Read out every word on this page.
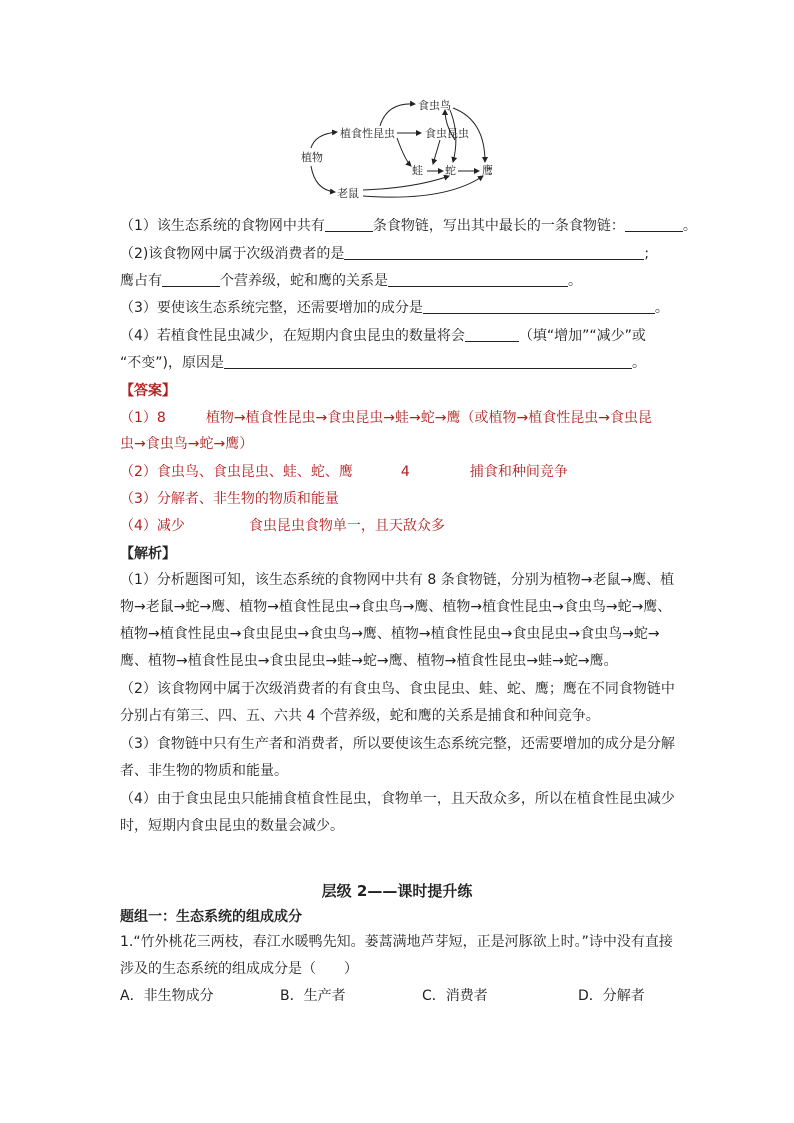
食虫鸟
植食性昆虫	食虫昆虫
植物
蛙 蛇 鹰
老鼠
（1）该生态系统的食物网中共有	条食物链，写出其中最长的一条食物链：	。
（2)该食物网中属于次级消费者的是	;
鹰占有	个营养级，蛇和鹰的关系是	。
（3）要使该生态系统完整，还需要增加的成分是	。
（4）若植食性昆虫减少，在短期内食虫昆虫的数量将会	（填“增加”“减少”或
“不变”)，原因是	。
【答案】
（1）8	植物→植食性昆虫→食虫昆虫→蛙→蛇→鹰（或植物→植食性昆虫→食虫昆
虫→食虫鸟→蛇→鹰）
（2）食虫鸟、食虫昆虫、蛙、蛇、鹰	4	捕食和种间竞争
（3）分解者、非生物的物质和能量
（4）减少	食虫昆虫食物单一，且天敌众多
【解析】
（1）分析题图可知，该生态系统的食物网中共有 8 条食物链，分别为植物→老鼠→鹰、植物→老鼠→蛇→鹰、植物→植食性昆虫→食虫鸟→鹰、植物→植食性昆虫→食虫鸟→蛇→鹰、植物→植食性昆虫→食虫昆虫→食虫鸟→鹰、植物→植食性昆虫→食虫昆虫→食虫鸟→蛇→鹰、植物→植食性昆虫→食虫昆虫→蛙→蛇→鹰、植物→植食性昆虫→蛙→蛇→鹰。
（2）该食物网中属于次级消费者的有食虫鸟、食虫昆虫、蛙、蛇、鹰；鹰在不同食物链中分别占有第三、四、五、六共 4 个营养级，蛇和鹰的关系是捕食和种间竞争。
（3）食物链中只有生产者和消费者，所以要使该生态系统完整，还需要增加的成分是分解者、非生物的物质和能量。
（4）由于食虫昆虫只能捕食植食性昆虫，食物单一，且天敌众多，所以在植食性昆虫减少时，短期内食虫昆虫的数量会减少。
层级 2——课时提升练
题组一：生态系统的组成成分
1.“竹外桃花三两枝，春江水暖鸭先知。蒌蒿满地芦芽短，正是河豚欲上时。”诗中没有直接涉及的生态系统的组成成分是（　　）
A．非生物成分	B．生产者	C．消费者	D．分解者
